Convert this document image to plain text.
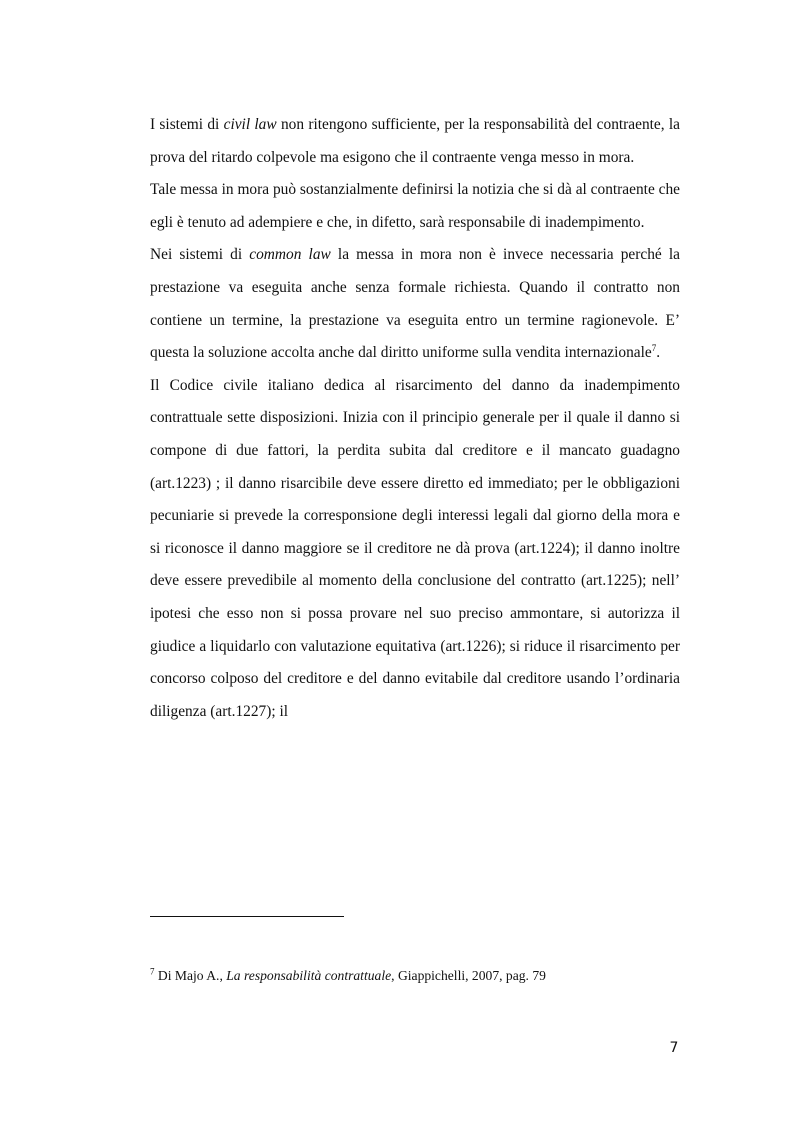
I sistemi di civil law non ritengono sufficiente, per la responsabilità del contraente, la prova del ritardo colpevole ma esigono che il contraente venga messo in mora.

Tale messa in mora può sostanzialmente definirsi la notizia che si dà al contraente che egli è tenuto ad adempiere e che, in difetto, sarà responsabile di inadempimento.

Nei sistemi di common law la messa in mora non è invece necessaria perché la prestazione va eseguita anche senza formale richiesta. Quando il contratto non contiene un termine, la prestazione va eseguita entro un termine ragionevole. E’ questa la soluzione accolta anche dal diritto uniforme sulla vendita internazionale$^7$.

Il Codice civile italiano dedica al risarcimento del danno da inadempimento contrattuale sette disposizioni. Inizia con il principio generale per il quale il danno si compone di due fattori, la perdita subita dal creditore e il mancato guadagno (art.1223) ; il danno risarcibile deve essere diretto ed immediato; per le obbligazioni pecuniarie si prevede la corresponsione degli interessi legali dal giorno della mora e si riconosce il danno maggiore se il creditore ne dà prova (art.1224); il danno inoltre deve essere prevedibile al momento della conclusione del contratto (art.1225); nell’ ipotesi che esso non si possa provare nel suo preciso ammontare, si autorizza il giudice a liquidarlo con valutazione equitativa (art.1226); si riduce il risarcimento per concorso colposo del creditore e del danno evitabile dal creditore usando l’ordinaria diligenza (art.1227); il

$^7$ Di Majo A., La responsabilità contrattuale, Giappichelli, 2007, pag. 79
7
